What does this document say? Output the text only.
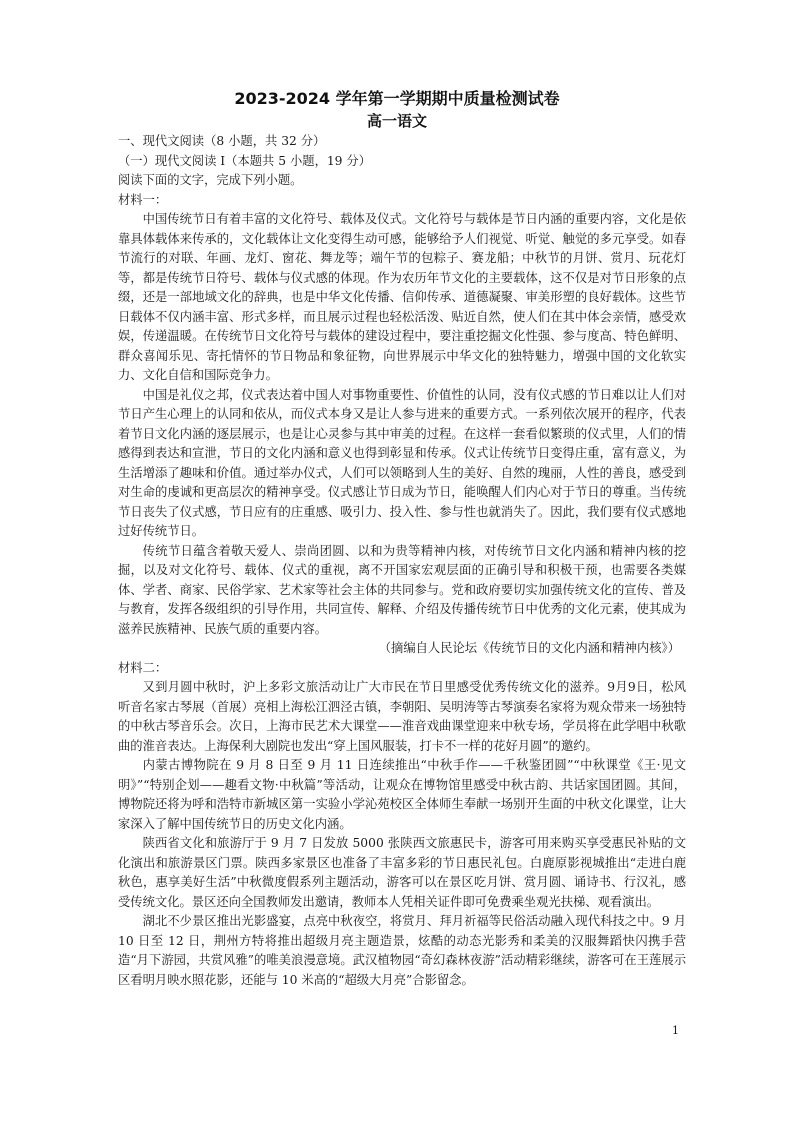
2023-2024 学年第一学期期中质量检测试卷
高一语文

一、现代文阅读（8 小题，共 32 分）

（一）现代文阅读 I（本题共 5 小题，19 分）

阅读下面的文字，完成下列小题。

材料一：

中国传统节日有着丰富的文化符号、载体及仪式。文化符号与载体是节日内涵的重要内容，文化是依靠具体载体来传承的，文化载体让文化变得生动可感，能够给予人们视觉、听觉、触觉的多元享受。如春节流行的对联、年画、龙灯、窗花、舞龙等；端午节的包粽子、赛龙船；中秋节的月饼、赏月、玩花灯等，都是传统节日符号、载体与仪式感的体现。作为农历年节文化的主要载体，这不仅是对节日形象的点缀，还是一部地域文化的辞典，也是中华文化传播、信仰传承、道德凝聚、审美形塑的良好载体。这些节日载体不仅内涵丰富、形式多样，而且展示过程也轻松活泼、贴近自然，使人们在其中体会亲情，感受欢娱，传递温暖。在传统节日文化符号与载体的建设过程中，要注重挖掘文化性强、参与度高、特色鲜明、群众喜闻乐见、寄托情怀的节日物品和象征物，向世界展示中华文化的独特魅力，增强中国的文化软实力、文化自信和国际竞争力。

中国是礼仪之邦，仪式表达着中国人对事物重要性、价值性的认同，没有仪式感的节日难以让人们对节日产生心理上的认同和依从，而仪式本身又是让人参与进来的重要方式。一系列依次展开的程序，代表着节日文化内涵的逐层展示，也是让心灵参与其中审美的过程。在这样一套看似繁琐的仪式里，人们的情感得到表达和宣泄，节日的文化内涵和意义也得到彰显和传承。仪式让传统节日变得庄重，富有意义，为生活增添了趣味和价值。通过举办仪式，人们可以领略到人生的美好、自然的瑰丽，人性的善良，感受到对生命的虔诚和更高层次的精神享受。仪式感让节日成为节日，能唤醒人们内心对于节日的尊重。当传统节日丧失了仪式感，节日应有的庄重感、吸引力、投入性、参与性也就消失了。因此，我们要有仪式感地过好传统节日。

传统节日蕴含着敬天爱人、崇尚团圆、以和为贵等精神内核，对传统节日文化内涵和精神内核的挖掘，以及对文化符号、载体、仪式的重视，离不开国家宏观层面的正确引导和积极干预，也需要各类媒体、学者、商家、民俗学家、艺术家等社会主体的共同参与。党和政府要切实加强传统文化的宣传、普及与教育，发挥各级组织的引导作用，共同宣传、解释、介绍及传播传统节日中优秀的文化元素，使其成为滋养民族精神、民族气质的重要内容。

（摘编自人民论坛《传统节日的文化内涵和精神内核》）

材料二：

又到月圆中秋时，沪上多彩文旅活动让广大市民在节日里感受优秀传统文化的滋养。9月9日，松风听音名家古琴展（首展）亮相上海松江泗泾古镇，李朝阳、吴明涛等古琴演奏名家将为观众带来一场独特的中秋古琴音乐会。次日，上海市民艺术大课堂——淮音戏曲课堂迎来中秋专场，学员将在此学唱中秋歌曲的淮音表达。上海保利大剧院也发出“穿上国风服装，打卡不一样的花好月圆”的邀约。

内蒙古博物院在 9 月 8 日至 9 月 11 日连续推出“中秋手作——千秋鉴团圆”“中秋课堂《王·见文明》”“特别企划——趣看文物·中秋篇”等活动，让观众在博物馆里感受中秋古韵、共话家国团圆。其间，博物院还将为呼和浩特市新城区第一实验小学沁苑校区全体师生奉献一场别开生面的中秋文化课堂，让大家深入了解中国传统节日的历史文化内涵。

陕西省文化和旅游厅于 9 月 7 日发放 5000 张陕西文旅惠民卡，游客可用来购买享受惠民补贴的文化演出和旅游景区门票。陕西多家景区也准备了丰富多彩的节日惠民礼包。白鹿原影视城推出“走进白鹿秋色，惠享美好生活”中秋微度假系列主题活动，游客可以在景区吃月饼、赏月圆、诵诗书、行汉礼，感受传统文化。景区还向全国教师发出邀请，教师本人凭相关证件即可免费乘坐观光扶梯、观看演出。

湖北不少景区推出光影盛宴，点亮中秋夜空，将赏月、拜月祈福等民俗活动融入现代科技之中。9 月 10 日至 12 日，荆州方特将推出超级月亮主题造景，炫酷的动态光影秀和柔美的汉服舞蹈快闪携手营造“月下游园，共赏风雅”的唯美浪漫意境。武汉植物园“奇幻森林夜游”活动精彩继续，游客可在王莲展示区看明月映水照花影，还能与 10 米高的“超级大月亮”合影留念。

1
